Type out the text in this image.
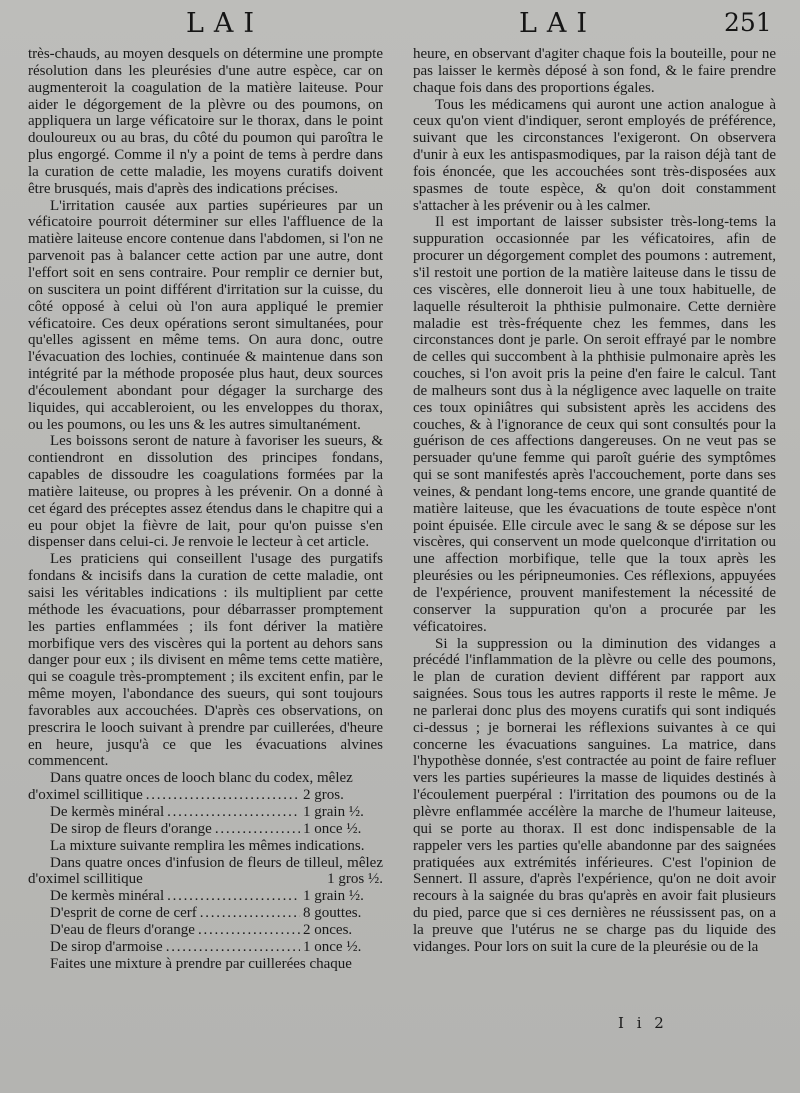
LAI	LAI	251

très-chauds, au moyen desquels on détermine une prompte résolution dans les pleurésies d'une autre espèce, car on augmenteroit la coagulation de la matière laiteuse. Pour aider le dégorgement de la plèvre ou des poumons, on appliquera un large véficatoire sur le thorax, dans le point douloureux ou au bras, du côté du poumon qui paroîtra le plus engorgé. Comme il n'y a point de tems à perdre dans la curation de cette maladie, les moyens curatifs doivent être brusqués, mais d'après des indications précises.

L'irritation causée aux parties supérieures par un véficatoire pourroit déterminer sur elles l'affluence de la matière laiteuse encore contenue dans l'abdomen, si l'on ne parvenoit pas à balancer cette action par une autre, dont l'effort soit en sens contraire. Pour remplir ce dernier but, on suscitera un point différent d'irritation sur la cuisse, du côté opposé à celui où l'on aura appliqué le premier véficatoire. Ces deux opérations seront simultanées, pour qu'elles agissent en même tems. On aura donc, outre l'évacuation des lochies, continuée & maintenue dans son intégrité par la méthode proposée plus haut, deux sources d'écoulement abondant pour dégager la surcharge des liquides, qui accableroient, ou les enveloppes du thorax, ou les poumons, ou les uns & les autres simultanément.

Les boissons seront de nature à favoriser les sueurs, & contiendront en dissolution des principes fondans, capables de dissoudre les coagulations formées par la matière laiteuse, ou propres à les prévenir. On a donné à cet égard des préceptes assez étendus dans le chapitre qui a eu pour objet la fièvre de lait, pour qu'on puisse s'en dispenser dans celui-ci. Je renvoie le lecteur à cet article.

Les praticiens qui conseillent l'usage des purgatifs fondans & incisifs dans la curation de cette maladie, ont saisi les véritables indications : ils multiplient par cette méthode les évacuations, pour débarrasser promptement les parties enflammées ; ils font dériver la matière morbifique vers des viscères qui la portent au dehors sans danger pour eux ; ils divisent en même tems cette matière, qui se coagule très-promptement ; ils excitent enfin, par le même moyen, l'abondance des sueurs, qui sont toujours favorables aux accouchées. D'après ces observations, on prescrira le looch suivant à prendre par cuillerées, d'heure en heure, jusqu'à ce que les évacuations alvines commencent.

Dans quatre onces de looch blanc du codex, mêlez

d'oximel scillitique . . .	2 gros.
De kermès minéral . . .	1 grain ½.
De sirop de fleurs d'orange . . .	1 once ½.

La mixture suivante remplira les mêmes indications.

Dans quatre onces d'infusion de fleurs de tilleul, mêlez d'oximel scillitique	1 gros ½.

De kermès minéral . . .	1 grain ½.
D'esprit de corne de cerf . . .	8 gouttes.
D'eau de fleurs d'orange . . .	2 onces.
De sirop d'armoise . . .	1 once ½.

Faites une mixture à prendre par cuillerées chaque

heure, en observant d'agiter chaque fois la bouteille, pour ne pas laisser le kermès déposé à son fond, & le faire prendre chaque fois dans des proportions égales.

Tous les médicamens qui auront une action analogue à ceux qu'on vient d'indiquer, seront employés de préférence, suivant que les circonstances l'exigeront. On observera d'unir à eux les antispasmodiques, par la raison déjà tant de fois énoncée, que les accouchées sont très-disposées aux spasmes de toute espèce, & qu'on doit constamment s'attacher à les prévenir ou à les calmer.

Il est important de laisser subsister très-long-tems la suppuration occasionnée par les véficatoires, afin de procurer un dégorgement complet des poumons : autrement, s'il restoit une portion de la matière laiteuse dans le tissu de ces viscères, elle donneroit lieu à une toux habituelle, de laquelle résulteroit la phthisie pulmonaire. Cette dernière maladie est très-fréquente chez les femmes, dans les circonstances dont je parle. On seroit effrayé par le nombre de celles qui succombent à la phthisie pulmonaire après les couches, si l'on avoit pris la peine d'en faire le calcul. Tant de malheurs sont dus à la négligence avec laquelle on traite ces toux opiniâtres qui subsistent après les accidens des couches, & à l'ignorance de ceux qui sont consultés pour la guérison de ces affections dangereuses. On ne veut pas se persuader qu'une femme qui paroît guérie des symptômes qui se sont manifestés après l'accouchement, porte dans ses veines, & pendant long-tems encore, une grande quantité de matière laiteuse, que les évacuations de toute espèce n'ont point épuisée. Elle circule avec le sang & se dépose sur les viscères, qui conservent un mode quelconque d'irritation ou une affection morbifique, telle que la toux après les pleurésies ou les péripneumonies. Ces réflexions, appuyées de l'expérience, prouvent manifestement la nécessité de conserver la suppuration qu'on a procurée par les véficatoires.

Si la suppression ou la diminution des vidanges a précédé l'inflammation de la plèvre ou celle des poumons, le plan de curation devient différent par rapport aux saignées. Sous tous les autres rapports il reste le même. Je ne parlerai donc plus des moyens curatifs qui sont indiqués ci-dessus ; je bornerai les réflexions suivantes à ce qui concerne les évacuations sanguines. La matrice, dans l'hypothèse donnée, s'est contractée au point de faire refluer vers les parties supérieures la masse de liquides destinés à l'écoulement puerpéral : l'irritation des poumons ou de la plèvre enflammée accélère la marche de l'humeur laiteuse, qui se porte au thorax. Il est donc indispensable de la rappeler vers les parties qu'elle abandonne par des saignées pratiquées aux extrémités inférieures. C'est l'opinion de Sennert. Il assure, d'après l'expérience, qu'on ne doit avoir recours à la saignée du bras qu'après en avoir fait plusieurs du pied, parce que si ces dernières ne réussissent pas, on a la preuve que l'utérus ne se charge pas du liquide des vidanges. Pour lors on suit la cure de la pleurésie ou de la

I i 2
